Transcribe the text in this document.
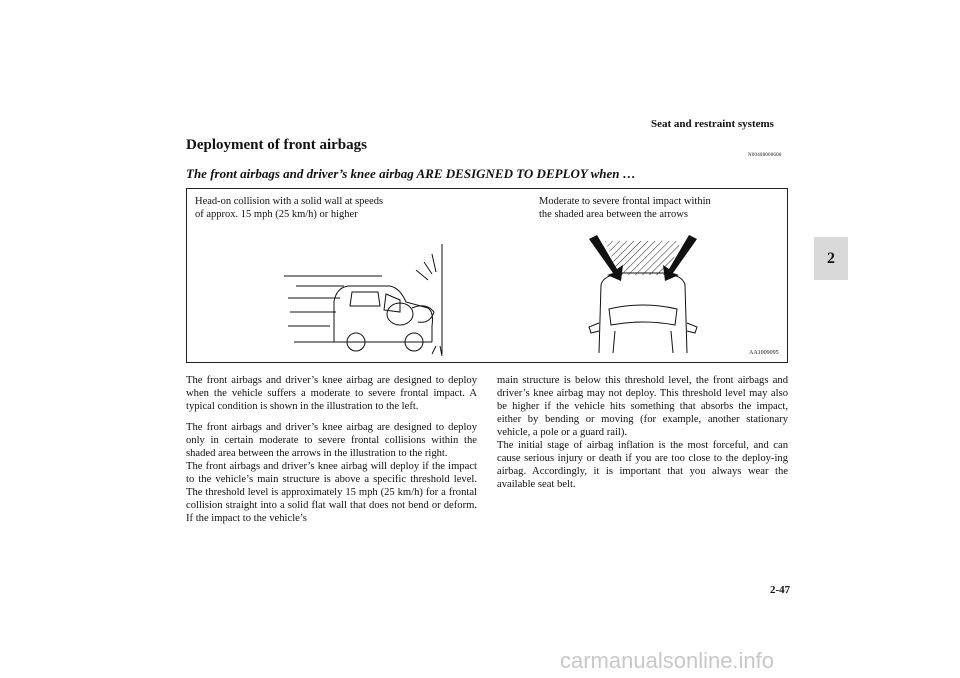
Seat and restraint systems
2
Deployment of front airbags
N00408000606
The front airbags and driver’s knee airbag ARE DESIGNED TO DEPLOY when …
Head-on collision with a solid wall at speeds
of approx. 15 mph (25 km/h) or higher
Moderate to severe frontal impact within
the shaded area between the arrows
AA1009095

The front airbags and driver’s knee airbag are designed to deploy when the vehicle suffers a moderate to severe frontal impact. A typical condition is shown in the illustration to the left.

The front airbags and driver’s knee airbag are designed to deploy only in certain moderate to severe frontal collisions within the shaded area between the arrows in the illustration to the right.

The front airbags and driver’s knee airbag will deploy if the impact to the vehicle’s main structure is above a specific threshold level. The threshold level is approximately 15 mph (25 km/h) for a frontal collision straight into a solid flat wall that does not bend or deform. If the impact to the vehicle’s

main structure is below this threshold level, the front airbags and driver’s knee airbag may not deploy. This threshold level may also be higher if the vehicle hits something that absorbs the impact, either by bending or moving (for example, another stationary vehicle, a pole or a guard rail).

The initial stage of airbag inflation is the most forceful, and can cause serious injury or death if you are too close to the deploy-ing airbag. Accordingly, it is important that you always wear the available seat belt.

2-47
carmanualsonline.info
